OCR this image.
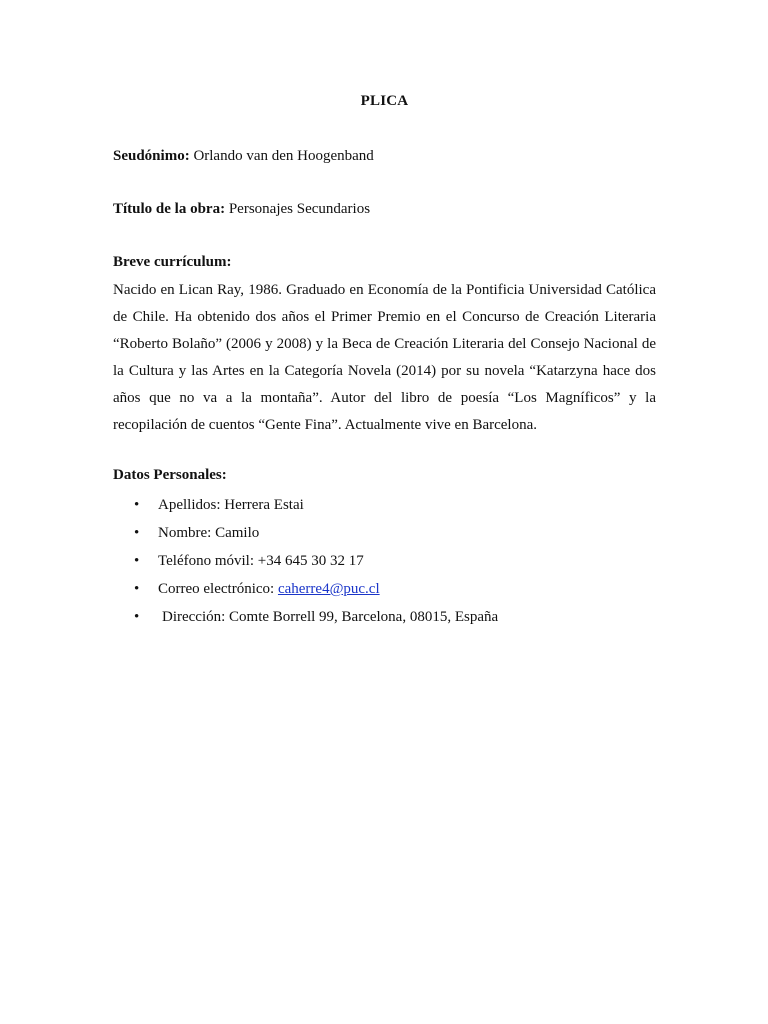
PLICA
Seudónimo: Orlando van den Hoogenband
Título de la obra: Personajes Secundarios
Breve currículum:
Nacido en Lican Ray, 1986. Graduado en Economía de la Pontificia Universidad Católica de Chile. Ha obtenido dos años el Primer Premio en el Concurso de Creación Literaria “Roberto Bolaño” (2006 y 2008) y la Beca de Creación Literaria del Consejo Nacional de la Cultura y las Artes en la Categoría Novela (2014) por su novela “Katarzyna hace dos años que no va a la montaña”. Autor del libro de poesía “Los Magníficos” y la recopilación de cuentos “Gente Fina”. Actualmente vive en Barcelona.
Datos Personales:
• Apellidos: Herrera Estai
• Nombre: Camilo
• Teléfono móvil: +34 645 30 32 17
• Correo electrónico: caherre4@puc.cl
• Dirección: Comte Borrell 99, Barcelona, 08015, España
